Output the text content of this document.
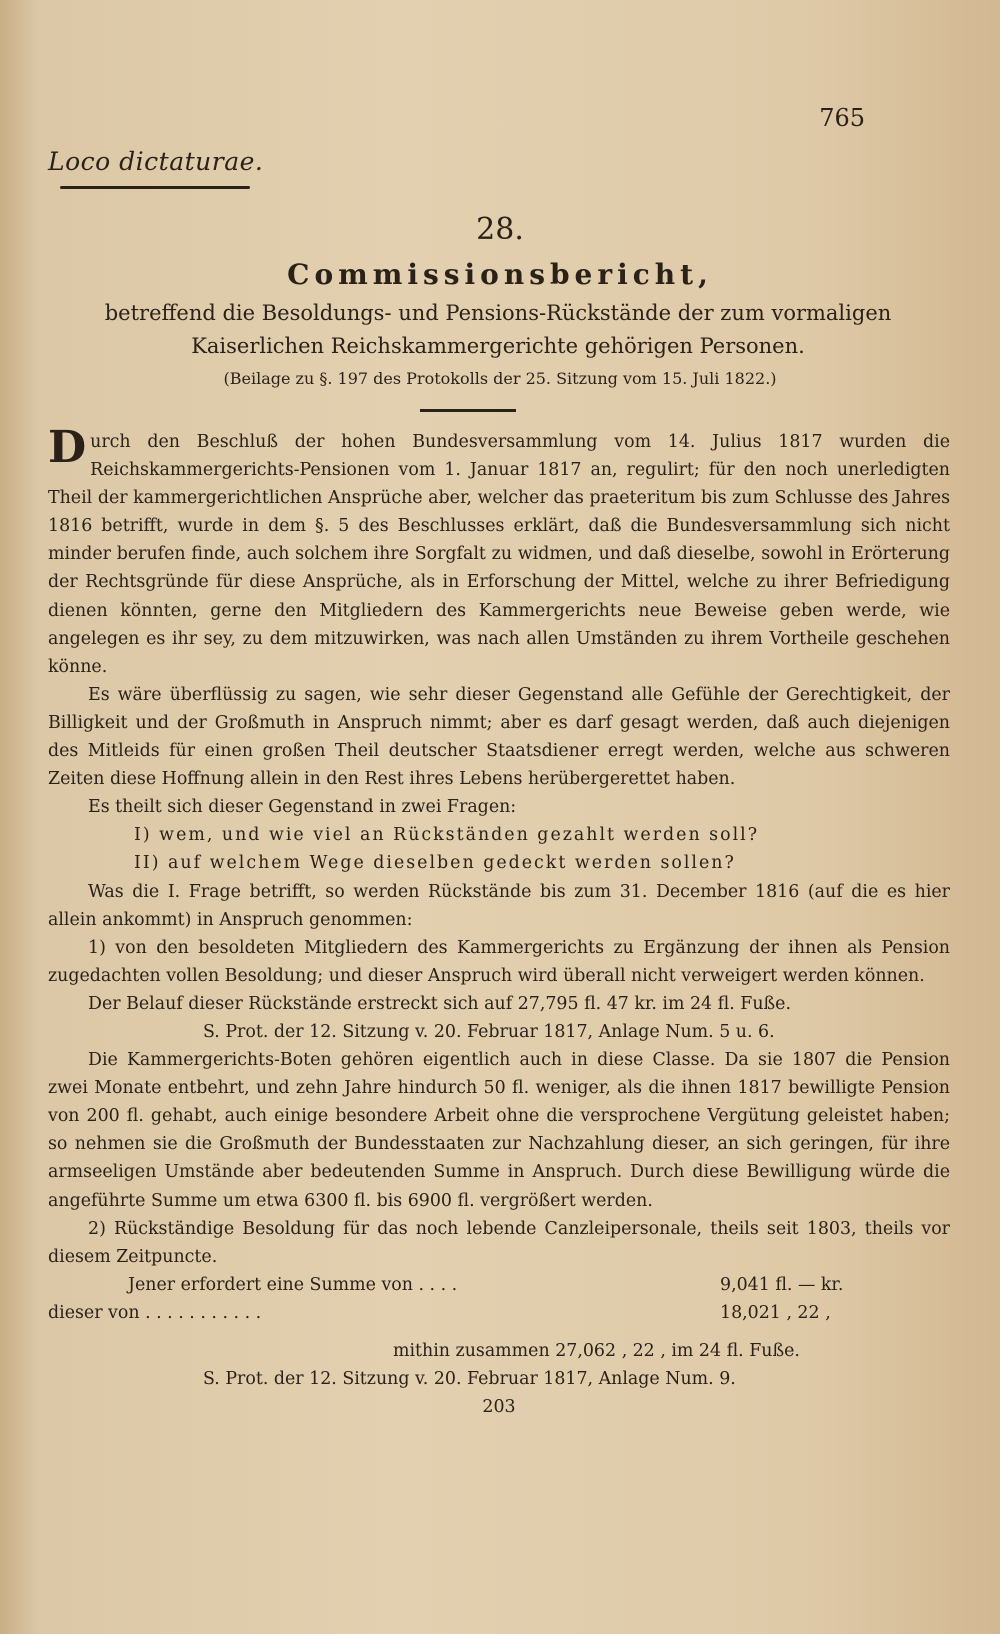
765
Loco dictaturae.
28.
Commissionsbericht,
betreffend die Besoldungs- und Pensions-Rückstände der zum vormaligen Kaiserlichen Reichskammergerichte gehörigen Personen.
(Beilage zu §. 197 des Protokolls der 25. Sitzung vom 15. Juli 1822.)

Durch den Beschluß der hohen Bundesversammlung vom 14. Julius 1817 wurden die Reichskammergerichts-Pensionen vom 1. Januar 1817 an, regulirt; für den noch unerledigten Theil der kammergerichtlichen Ansprüche aber, welcher das praeteritum bis zum Schlusse des Jahres 1816 betrifft, wurde in dem §. 5 des Beschlusses erklärt, daß die Bundesversammlung sich nicht minder berufen finde, auch solchem ihre Sorgfalt zu widmen, und daß dieselbe, sowohl in Erörterung der Rechtsgründe für diese Ansprüche, als in Erforschung der Mittel, welche zu ihrer Befriedigung dienen könnten, gerne den Mitgliedern des Kammergerichts neue Beweise geben werde, wie angelegen es ihr sey, zu dem mitzuwirken, was nach allen Umständen zu ihrem Vortheile geschehen könne.

Es wäre überflüssig zu sagen, wie sehr dieser Gegenstand alle Gefühle der Gerechtigkeit, der Billigkeit und der Großmuth in Anspruch nimmt; aber es darf gesagt werden, daß auch diejenigen des Mitleids für einen großen Theil deutscher Staatsdiener erregt werden, welche aus schweren Zeiten diese Hoffnung allein in den Rest ihres Lebens herübergerettet haben.

Es theilt sich dieser Gegenstand in zwei Fragen:

I) wem, und wie viel an Rückständen gezahlt werden soll?

II) auf welchem Wege dieselben gedeckt werden sollen?

Was die I. Frage betrifft, so werden Rückstände bis zum 31. December 1816 (auf die es hier allein ankommt) in Anspruch genommen:

1) von den besoldeten Mitgliedern des Kammergerichts zu Ergänzung der ihnen als Pension zugedachten vollen Besoldung; und dieser Anspruch wird überall nicht verweigert werden können.

Der Belauf dieser Rückstände erstreckt sich auf 27,795 fl. 47 kr. im 24 fl. Fuße.

S. Prot. der 12. Sitzung v. 20. Februar 1817, Anlage Num. 5 u. 6.

Die Kammergerichts-Boten gehören eigentlich auch in diese Classe. Da sie 1807 die Pension zwei Monate entbehrt, und zehn Jahre hindurch 50 fl. weniger, als die ihnen 1817 bewilligte Pension von 200 fl. gehabt, auch einige besondere Arbeit ohne die versprochene Vergütung geleistet haben; so nehmen sie die Großmuth der Bundesstaaten zur Nachzahlung dieser, an sich geringen, für ihre armseeligen Umstände aber bedeutenden Summe in Anspruch. Durch diese Bewilligung würde die angeführte Summe um etwa 6300 fl. bis 6900 fl. vergrößert werden.

2) Rückständige Besoldung für das noch lebende Canzleipersonale, theils seit 1803, theils vor diesem Zeitpuncte.

Jener erfordert eine Summe von . . . .	9,041 fl. — kr.
dieser von . . . . . . . . . . .	18,021 ‚ 22 ‚

mithin zusammen 27,062 ‚ 22 ‚ im 24 fl. Fuße.

S. Prot. der 12. Sitzung v. 20. Februar 1817, Anlage Num. 9.

203
